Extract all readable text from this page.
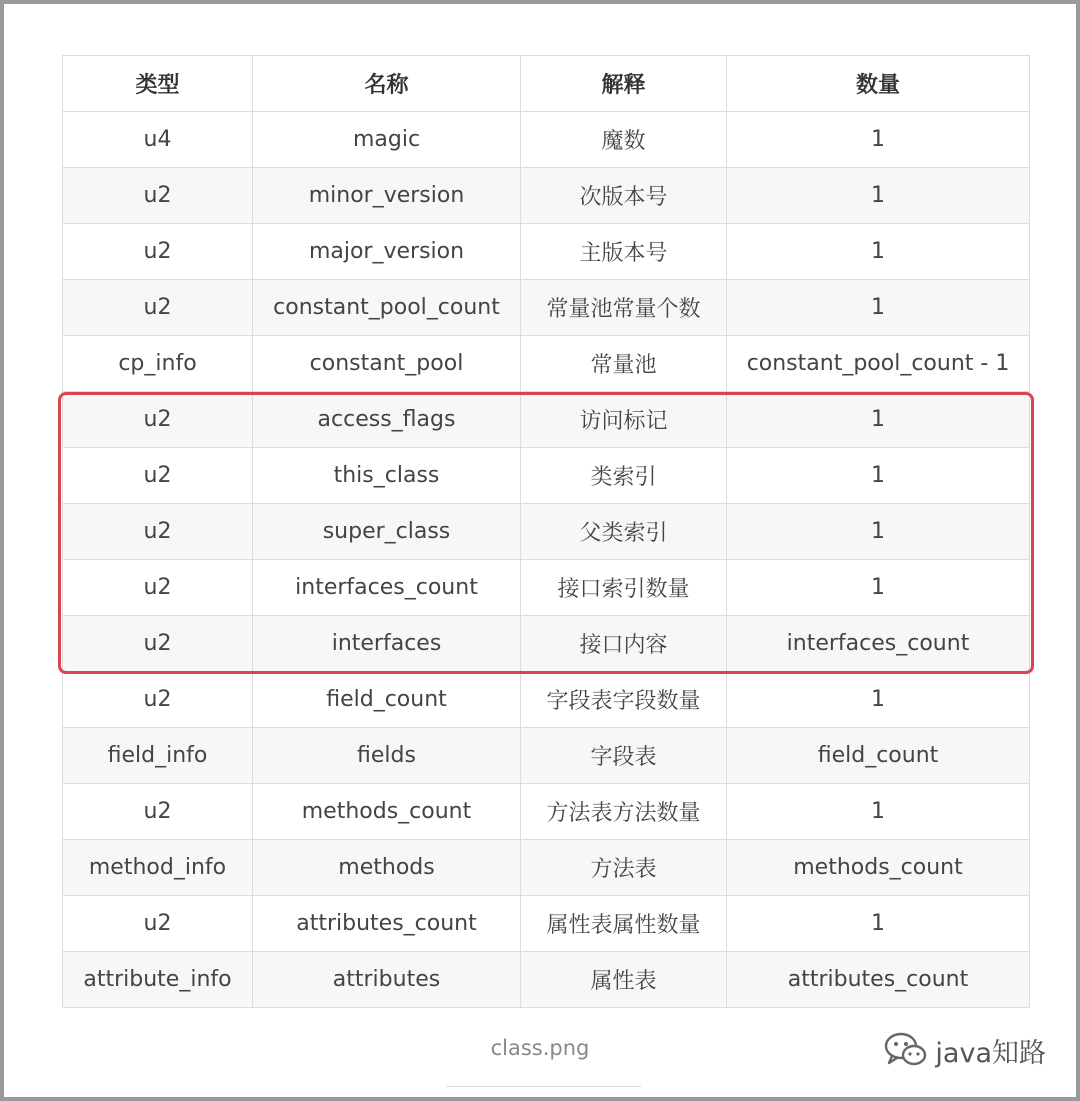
类型	名称	解释	数量
u4	magic	魔数	1
u2	minor_version	次版本号	1
u2	major_version	主版本号	1
u2	constant_pool_count	常量池常量个数	1
cp_info	constant_pool	常量池	constant_pool_count - 1
u2	access_flags	访问标记	1
u2	this_class	类索引	1
u2	super_class	父类索引	1
u2	interfaces_count	接口索引数量	1
u2	interfaces	接口内容	interfaces_count
u2	field_count	字段表字段数量	1
field_info	fields	字段表	field_count
u2	methods_count	方法表方法数量	1
method_info	methods	方法表	methods_count
u2	attributes_count	属性表属性数量	1
attribute_info	attributes	属性表	attributes_count
class.png	java知路
